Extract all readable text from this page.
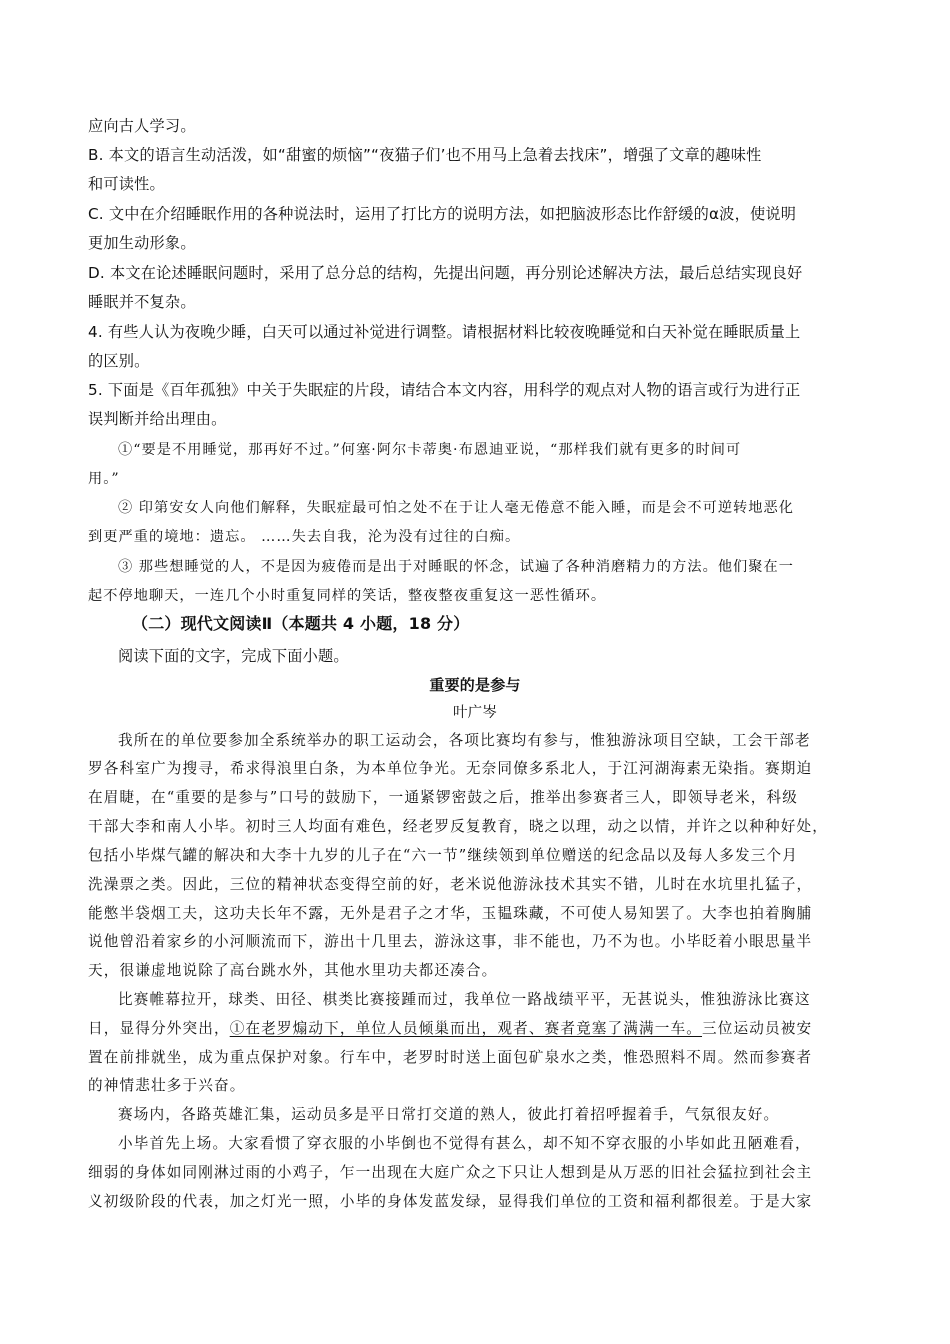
应向古人学习。
B. 本文的语言生动活泼，如“甜蜜的烦恼”“夜猫子们’也不用马上急着去找床”，增强了文章的趣味性
和可读性。
C. 文中在介绍睡眠作用的各种说法时，运用了打比方的说明方法，如把脑波形态比作舒缓的α波，使说明
更加生动形象。
D. 本文在论述睡眠问题时，采用了总分总的结构，先提出问题，再分别论述解决方法，最后总结实现良好
睡眠并不复杂。
4. 有些人认为夜晚少睡，白天可以通过补觉进行调整。请根据材料比较夜晚睡觉和白天补觉在睡眠质量上
的区别。
5. 下面是《百年孤独》中关于失眠症的片段，请结合本文内容，用科学的观点对人物的语言或行为进行正
误判断并给出理由。
①“要是不用睡觉，那再好不过。”何塞·阿尔卡蒂奥·布恩迪亚说，“那样我们就有更多的时间可
用。”
② 印第安女人向他们解释，失眠症最可怕之处不在于让人毫无倦意不能入睡，而是会不可逆转地恶化
到更严重的境地：遗忘。 ……失去自我，沦为没有过往的白痴。
③ 那些想睡觉的人，不是因为疲倦而是出于对睡眠的怀念，试遍了各种消磨精力的方法。他们聚在一
起不停地聊天，一连几个小时重复同样的笑话，整夜整夜重复这一恶性循环。
（二）现代文阅读Ⅱ（本题共 4 小题，18 分）
阅读下面的文字，完成下面小题。
重要的是参与
叶广岑
我所在的单位要参加全系统举办的职工运动会，各项比赛均有参与，惟独游泳项目空缺，工会干部老
罗各科室广为搜寻，希求得浪里白条，为本单位争光。无奈同僚多系北人，于江河湖海素无染指。赛期迫
在眉睫，在“重要的是参与”口号的鼓励下，一通紧锣密鼓之后，推举出参赛者三人，即领导老米，科级
干部大李和南人小毕。初时三人均面有难色，经老罗反复教育，晓之以理，动之以情，并许之以种种好处，
包括小毕煤气罐的解决和大李十九岁的儿子在“六一节”继续领到单位赠送的纪念品以及每人多发三个月
洗澡票之类。因此，三位的精神状态变得空前的好，老米说他游泳技术其实不错，儿时在水坑里扎猛子，
能憋半袋烟工夫，这功夫长年不露，无外是君子之才华，玉韫珠藏，不可使人易知罢了。大李也拍着胸脯
说他曾沿着家乡的小河顺流而下，游出十几里去，游泳这事，非不能也，乃不为也。小毕眨着小眼思量半
天，很谦虚地说除了高台跳水外，其他水里功夫都还凑合。
比赛帷幕拉开，球类、田径、棋类比赛接踵而过，我单位一路战绩平平，无甚说头，惟独游泳比赛这
日，显得分外突出，①在老罗煽动下，单位人员倾巢而出，观者、赛者竟塞了满满一车。三位运动员被安
置在前排就坐，成为重点保护对象。行车中，老罗时时送上面包矿泉水之类，惟恐照料不周。然而参赛者
的神情悲壮多于兴奋。
赛场内，各路英雄汇集，运动员多是平日常打交道的熟人，彼此打着招呼握着手，气氛很友好。
小毕首先上场。大家看惯了穿衣服的小毕倒也不觉得有甚么，却不知不穿衣服的小毕如此丑陋难看，
细弱的身体如同刚淋过雨的小鸡子，乍一出现在大庭广众之下只让人想到是从万恶的旧社会猛拉到社会主
义初级阶段的代表，加之灯光一照，小毕的身体发蓝发绿，显得我们单位的工资和福利都很差。于是大家
